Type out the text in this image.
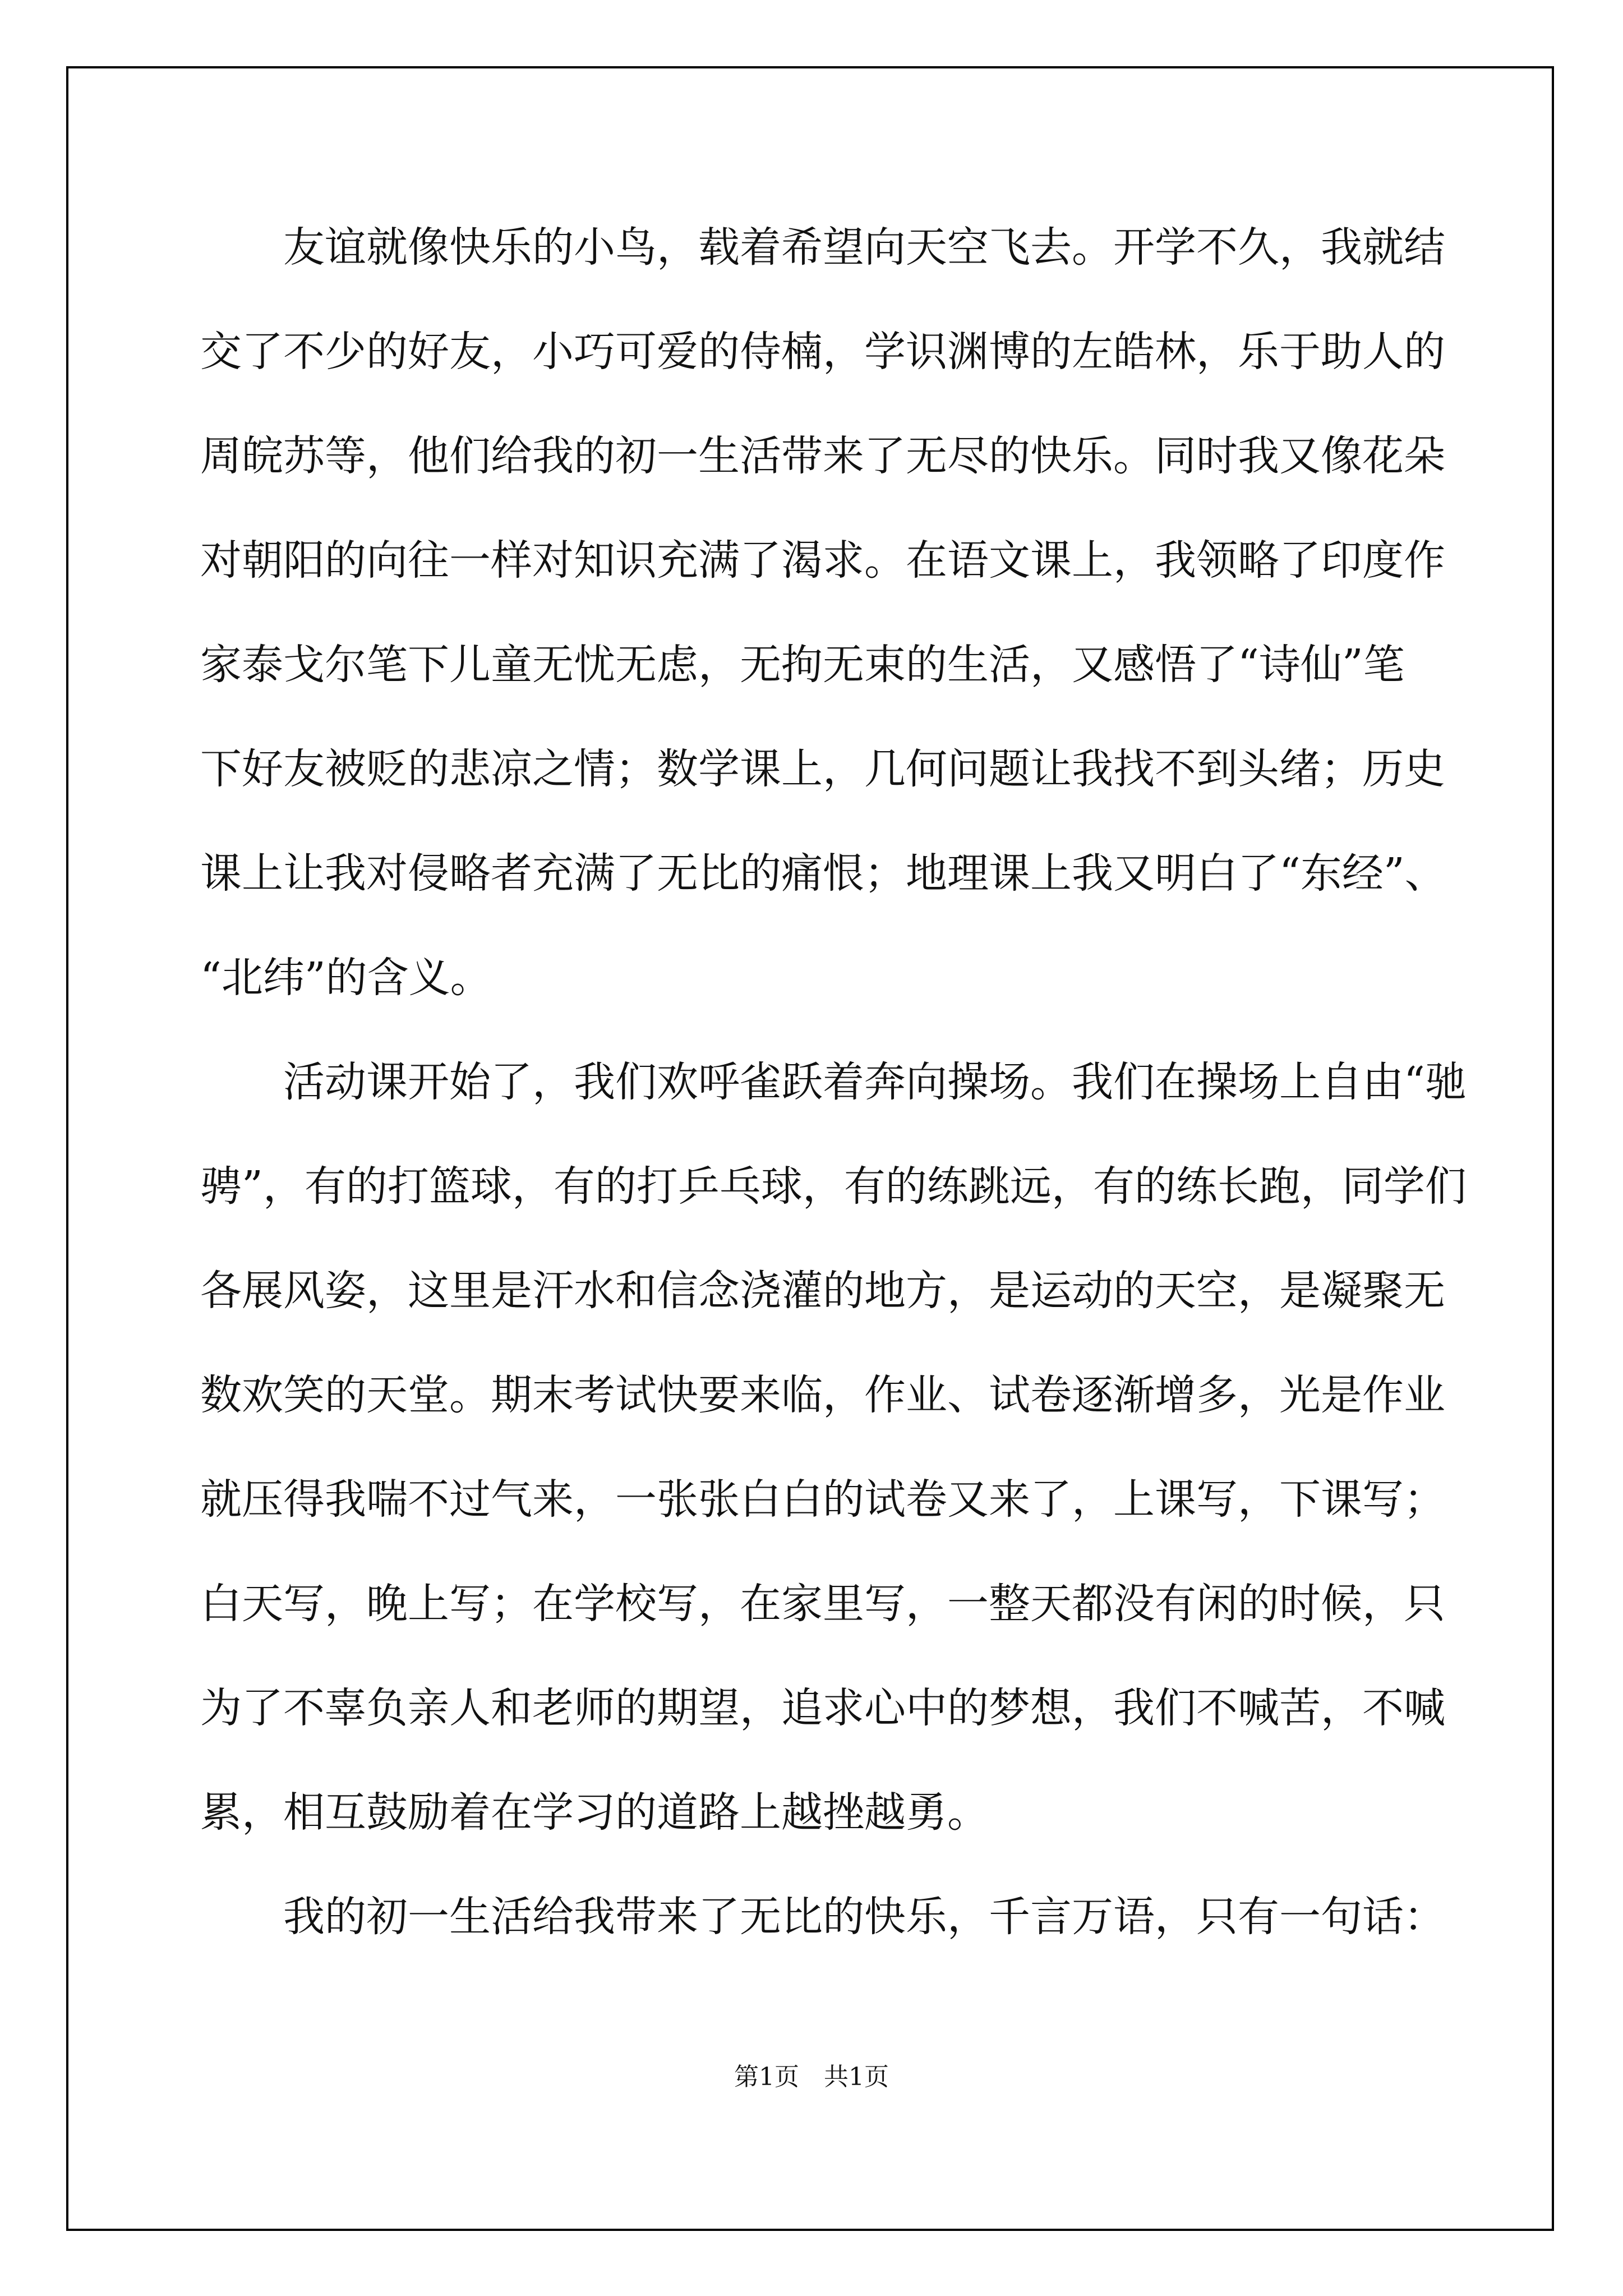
　　友谊就像快乐的小鸟，载着希望向天空飞去。开学不久，我就结
交了不少的好友，小巧可爱的侍楠，学识渊博的左皓林，乐于助人的
周皖苏等，他们给我的初一生活带来了无尽的快乐。同时我又像花朵
对朝阳的向往一样对知识充满了渴求。在语文课上，我领略了印度作
家泰戈尔笔下儿童无忧无虑，无拘无束的生活，又感悟了“诗仙”笔
下好友被贬的悲凉之情；数学课上，几何问题让我找不到头绪；历史
课上让我对侵略者充满了无比的痛恨；地理课上我又明白了“东经”、
“北纬”的含义。
　　活动课开始了，我们欢呼雀跃着奔向操场。我们在操场上自由“驰
骋”，有的打篮球，有的打乒乓球，有的练跳远，有的练长跑，同学们
各展风姿，这里是汗水和信念浇灌的地方，是运动的天空，是凝聚无
数欢笑的天堂。期末考试快要来临，作业、试卷逐渐增多，光是作业
就压得我喘不过气来，一张张白白的试卷又来了，上课写，下课写；
白天写，晚上写；在学校写，在家里写，一整天都没有闲的时候，只
为了不辜负亲人和老师的期望，追求心中的梦想，我们不喊苦，不喊
累，相互鼓励着在学习的道路上越挫越勇。
　　我的初一生活给我带来了无比的快乐，千言万语，只有一句话：
第1页　共1页
